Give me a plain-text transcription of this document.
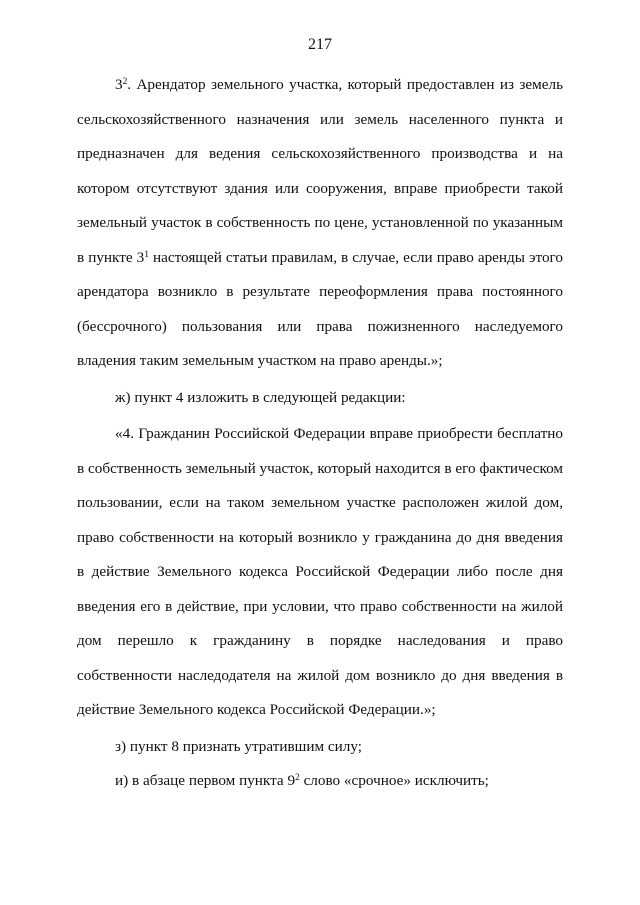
217

$3^2$. Арендатор земельного участка, который предоставлен из земель сельскохозяйственного назначения или земель населенного пункта и предназначен для ведения сельскохозяйственного производства и на котором отсутствуют здания или сооружения, вправе приобрести такой земельный участок в собственность по цене, установленной по указанным в пункте $3^1$ настоящей статьи правилам, в случае, если право аренды этого арендатора возникло в результате переоформления права постоянного (бессрочного) пользования или права пожизненного наследуемого владения таким земельным участком на право аренды.»;

ж) пункт 4 изложить в следующей редакции:

«4. Гражданин Российской Федерации вправе приобрести бесплатно в собственность земельный участок, который находится в его фактическом пользовании, если на таком земельном участке расположен жилой дом, право собственности на который возникло у гражданина до дня введения в действие Земельного кодекса Российской Федерации либо после дня введения его в действие, при условии, что право собственности на жилой дом перешло к гражданину в порядке наследования и право собственности наследодателя на жилой дом возникло до дня введения в действие Земельного кодекса Российской Федерации.»;

з) пункт 8 признать утратившим силу;

и) в абзаце первом пункта $9^2$ слово «срочное» исключить;
